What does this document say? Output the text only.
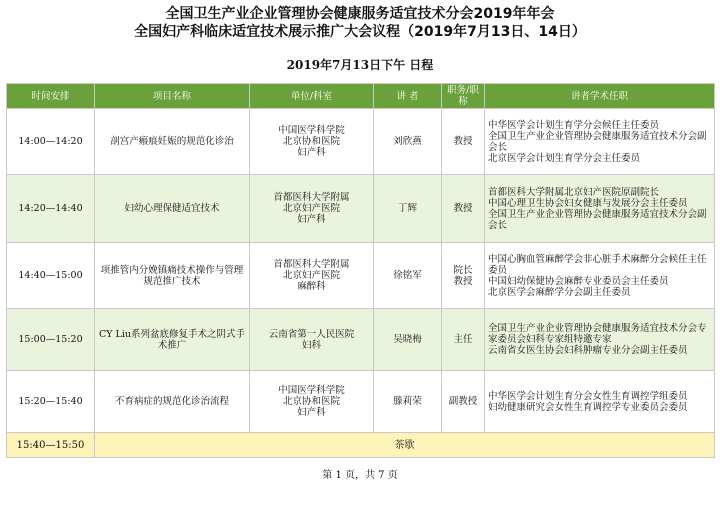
全国卫生产业企业管理协会健康服务适宜技术分会2019年年会
全国妇产科临床适宜技术展示推广大会议程（2019年7月13日、14日）
2019年7月13日下午 日程
时间安排	项目名称	单位/科室	讲 者	职务/职称	讲者学术任职
14:00—14:20	剖宫产瘢痕妊娠的规范化诊治	中国医学科学院
北京协和医院
妇产科	刘欣燕	教授	中华医学会计划生育学分会候任主任委员
全国卫生产业企业管理协会健康服务适宜技术分会副会长
北京医学会计划生育学分会主任委员
14:20—14:40	妇幼心理保健适宜技术	首都医科大学附属
北京妇产医院
妇产科	丁辉	教授	首都医科大学附属北京妇产医院原副院长
中国心理卫生协会妇女健康与发展分会主任委员
全国卫生产业企业管理协会健康服务适宜技术分会副会长
14:40—15:00	项推管内分娩镇痛技术操作与管理规范推广技术	首都医科大学附属
北京妇产医院
麻醉科	徐铭军	院长
教授	中国心胸血管麻醉学会非心脏手术麻醉分会候任主任委员
中国妇幼保健协会麻醉专业委员会主任委员
北京医学会麻醉学分会副主任委员
15:00—15:20	CY Liu系列盆底修复手术之阴式手术推广	云南省第一人民医院
妇科	吴晓梅	主任	全国卫生产业企业管理协会健康服务适宜技术分会专家委员会妇科专家组特邀专家
云南省女医生协会妇科肿瘤专业分会副主任委员
15:20—15:40	不育病症的规范化诊治流程	中国医学科学院
北京协和医院
妇产科	滕莉荣	副教授	中华医学会计划生育分会女性生育调控学组委员
妇幼健康研究会女性生育调控学专业委员会委员
15:40—15:50	茶歇				
第 1 页，共 7 页
